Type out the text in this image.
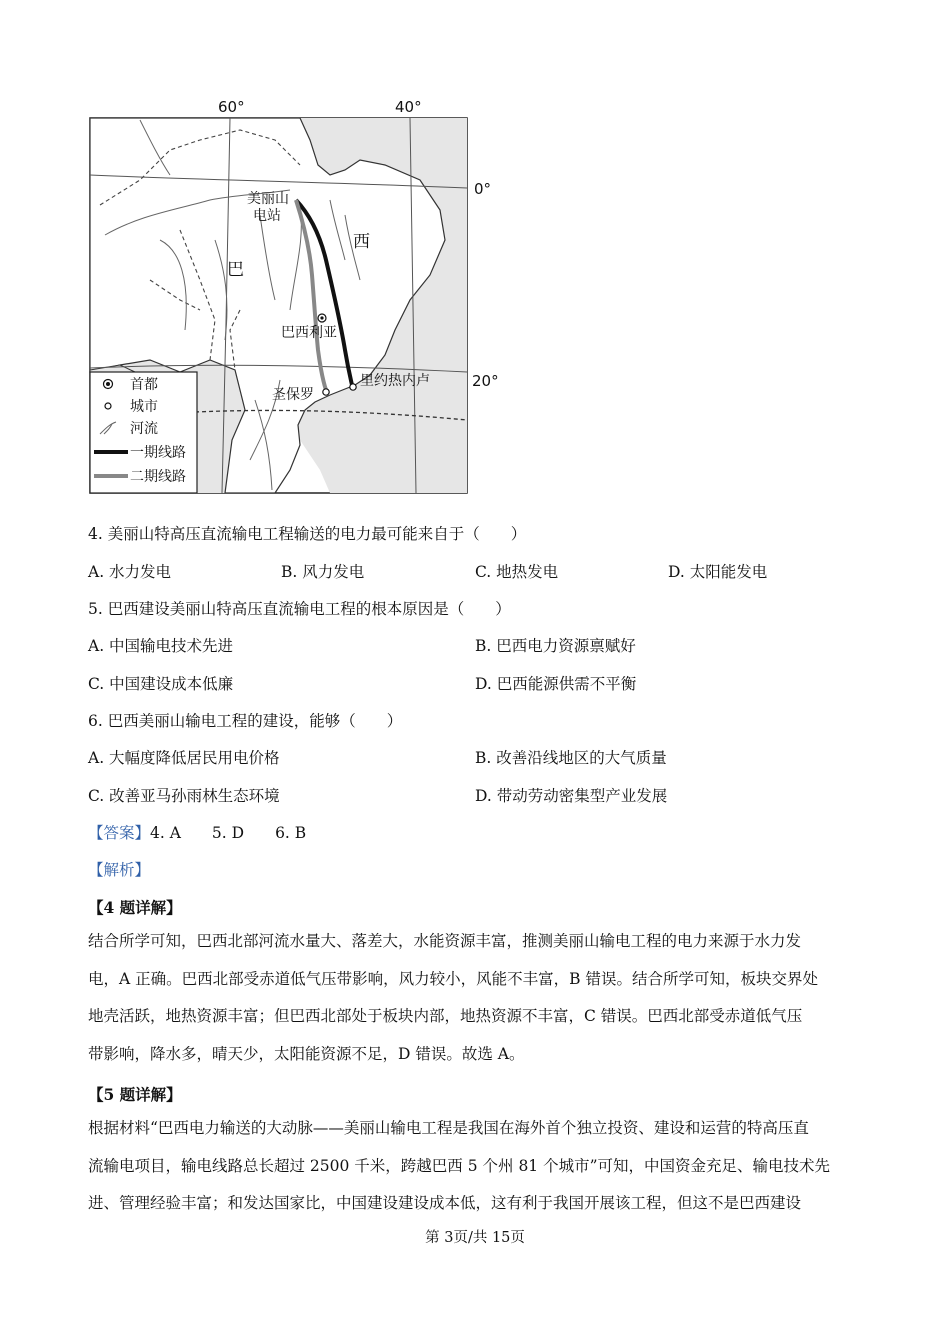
60°	40°
0°
20°
美丽山
电站
巴
西
巴西利亚
圣保罗
里约热内卢
首都
城市
河流
一期线路
二期线路
4. 美丽山特高压直流输电工程输送的电力最可能来自于（　　）
A. 水力发电	B. 风力发电	C. 地热发电	D. 太阳能发电
5. 巴西建设美丽山特高压直流输电工程的根本原因是（　　）
A. 中国输电技术先进	B. 巴西电力资源禀赋好
C. 中国建设成本低廉	D. 巴西能源供需不平衡
6. 巴西美丽山输电工程的建设，能够（　　）
A. 大幅度降低居民用电价格	B. 改善沿线地区的大气质量
C. 改善亚马孙雨林生态环境	D. 带动劳动密集型产业发展
【答案】4. A　　5. D　　6. B
【解析】
【4 题详解】
结合所学可知，巴西北部河流水量大、落差大，水能资源丰富，推测美丽山输电工程的电力来源于水力发
电，A 正确。巴西北部受赤道低气压带影响，风力较小，风能不丰富，B 错误。结合所学可知，板块交界处
地壳活跃，地热资源丰富；但巴西北部处于板块内部，地热资源不丰富，C 错误。巴西北部受赤道低气压
带影响，降水多，晴天少，太阳能资源不足，D 错误。故选 A。
【5 题详解】
根据材料“巴西电力输送的大动脉——美丽山输电工程是我国在海外首个独立投资、建设和运营的特高压直
流输电项目，输电线路总长超过 2500 千米，跨越巴西 5 个州 81 个城市”可知，中国资金充足、输电技术先
进、管理经验丰富；和发达国家比，中国建设建设成本低，这有利于我国开展该工程，但这不是巴西建设
第 3页/共 15页
